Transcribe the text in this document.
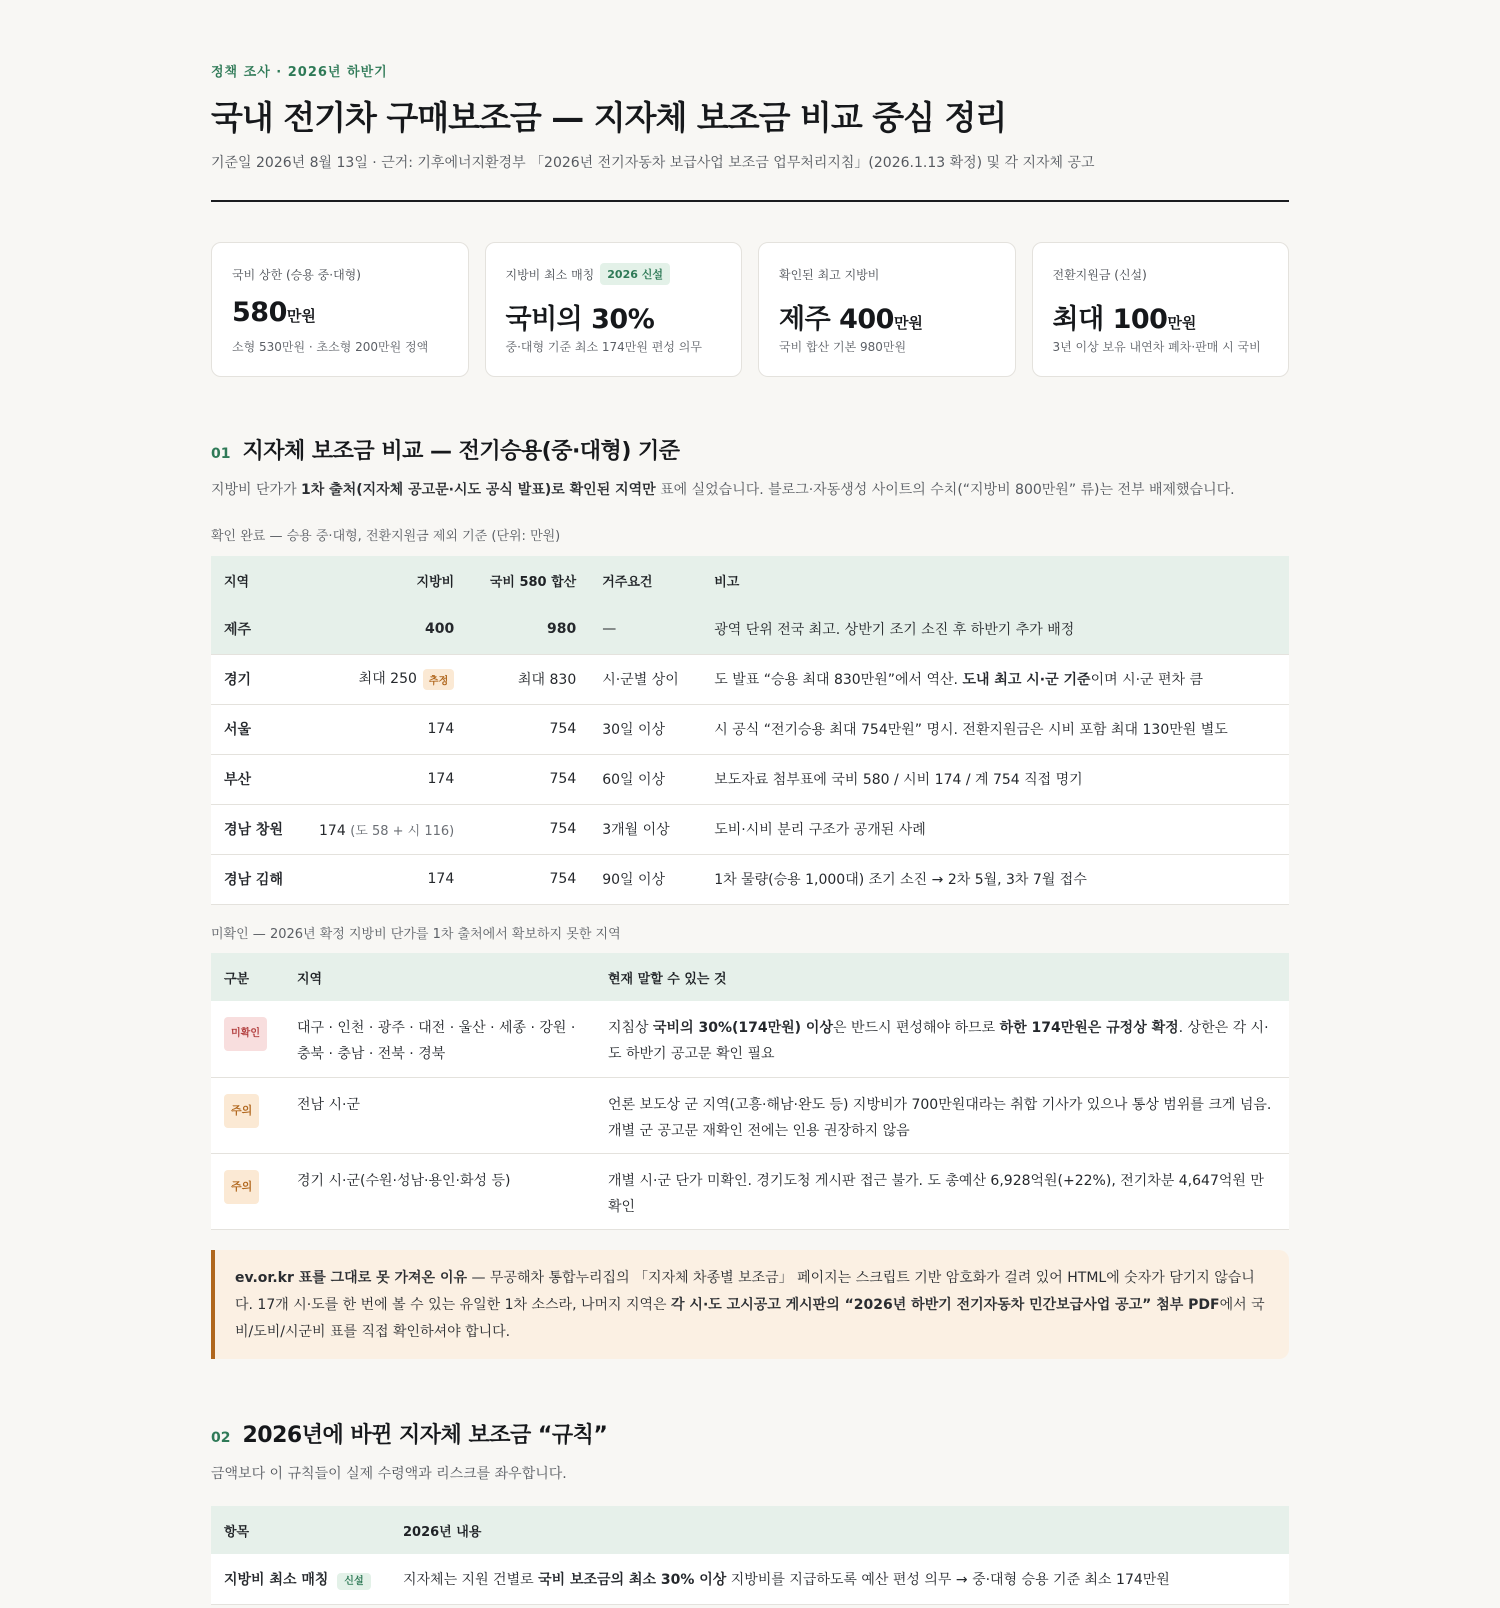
정책 조사 · 2026년 하반기
국내 전기차 구매보조금 — 지자체 보조금 비교 중심 정리
기준일 2026년 8월 13일 · 근거: 기후에너지환경부 「2026년 전기자동차 보급사업 보조금 업무처리지침」(2026.1.13 확정) 및 각 지자체 공고
국비 상한 (승용 중·대형)
580만원
소형 530만원 · 초소형 200만원 정액
지방비 최소 매칭	2026 신설
국비의 30%
중·대형 기준 최소 174만원 편성 의무
확인된 최고 지방비
제주 400만원
국비 합산 기본 980만원
전환지원금 (신설)
최대 100만원
3년 이상 보유 내연차 폐차·판매 시 국비
01 지자체 보조금 비교 — 전기승용(중·대형) 기준
지방비 단가가 1차 출처(지자체 공고문·시도 공식 발표)로 확인된 지역만 표에 실었습니다. 블로그·자동생성 사이트의 수치(“지방비 800만원” 류)는 전부 배제했습니다.
확인 완료 — 승용 중·대형, 전환지원금 제외 기준 (단위: 만원)
지역	지방비	국비 580 합산	거주요건	비고
제주	400	980	—	광역 단위 전국 최고. 상반기 조기 소진 후 하반기 추가 배정
경기	최대 250 추정	최대 830	시·군별 상이	도 발표 “승용 최대 830만원”에서 역산. 도내 최고 시·군 기준이며 시·군 편차 큼
서울	174	754	30일 이상	시 공식 “전기승용 최대 754만원” 명시. 전환지원금은 시비 포함 최대 130만원 별도
부산	174	754	60일 이상	보도자료 첨부표에 국비 580 / 시비 174 / 계 754 직접 명기
경남 창원	174 (도 58 + 시 116)	754	3개월 이상	도비·시비 분리 구조가 공개된 사례
경남 김해	174	754	90일 이상	1차 물량(승용 1,000대) 조기 소진 → 2차 5월, 3차 7월 접수
미확인 — 2026년 확정 지방비 단가를 1차 출처에서 확보하지 못한 지역
구분	지역	현재 말할 수 있는 것
미확인	대구 · 인천 · 광주 · 대전 · 울산 · 세종 · 강원 · 충북 · 충남 · 전북 · 경북	지침상 국비의 30%(174만원) 이상은 반드시 편성해야 하므로 하한 174만원은 규정상 확정. 상한은 각 시·도 하반기 공고문 확인 필요
주의	전남 시·군	언론 보도상 군 지역(고흥·해남·완도 등) 지방비가 700만원대라는 취합 기사가 있으나 통상 범위를 크게 넘음. 개별 군 공고문 재확인 전에는 인용 권장하지 않음
주의	경기 시·군(수원·성남·용인·화성 등)	개별 시·군 단가 미확인. 경기도청 게시판 접근 불가. 도 총예산 6,928억원(+22%), 전기차분 4,647억원 만 확인
ev.or.kr 표를 그대로 못 가져온 이유 — 무공해차 통합누리집의 「지자체 차종별 보조금」 페이지는 스크립트 기반 암호화가 걸려 있어 HTML에 숫자가 담기지 않습니다. 17개 시·도를 한 번에 볼 수 있는 유일한 1차 소스라, 나머지 지역은 각 시·도 고시공고 게시판의 “2026년 하반기 전기자동차 민간보급사업 공고” 첨부 PDF에서 국비/도비/시군비 표를 직접 확인하셔야 합니다.
02 2026년에 바뀐 지자체 보조금 “규칙”
금액보다 이 규칙들이 실제 수령액과 리스크를 좌우합니다.
항목	2026년 내용
지방비 최소 매칭 신설	지자체는 지원 건별로 국비 보조금의 최소 30% 이상 지방비를 지급하도록 예산 편성 의무 → 중·대형 승용 기준 최소 174만원
